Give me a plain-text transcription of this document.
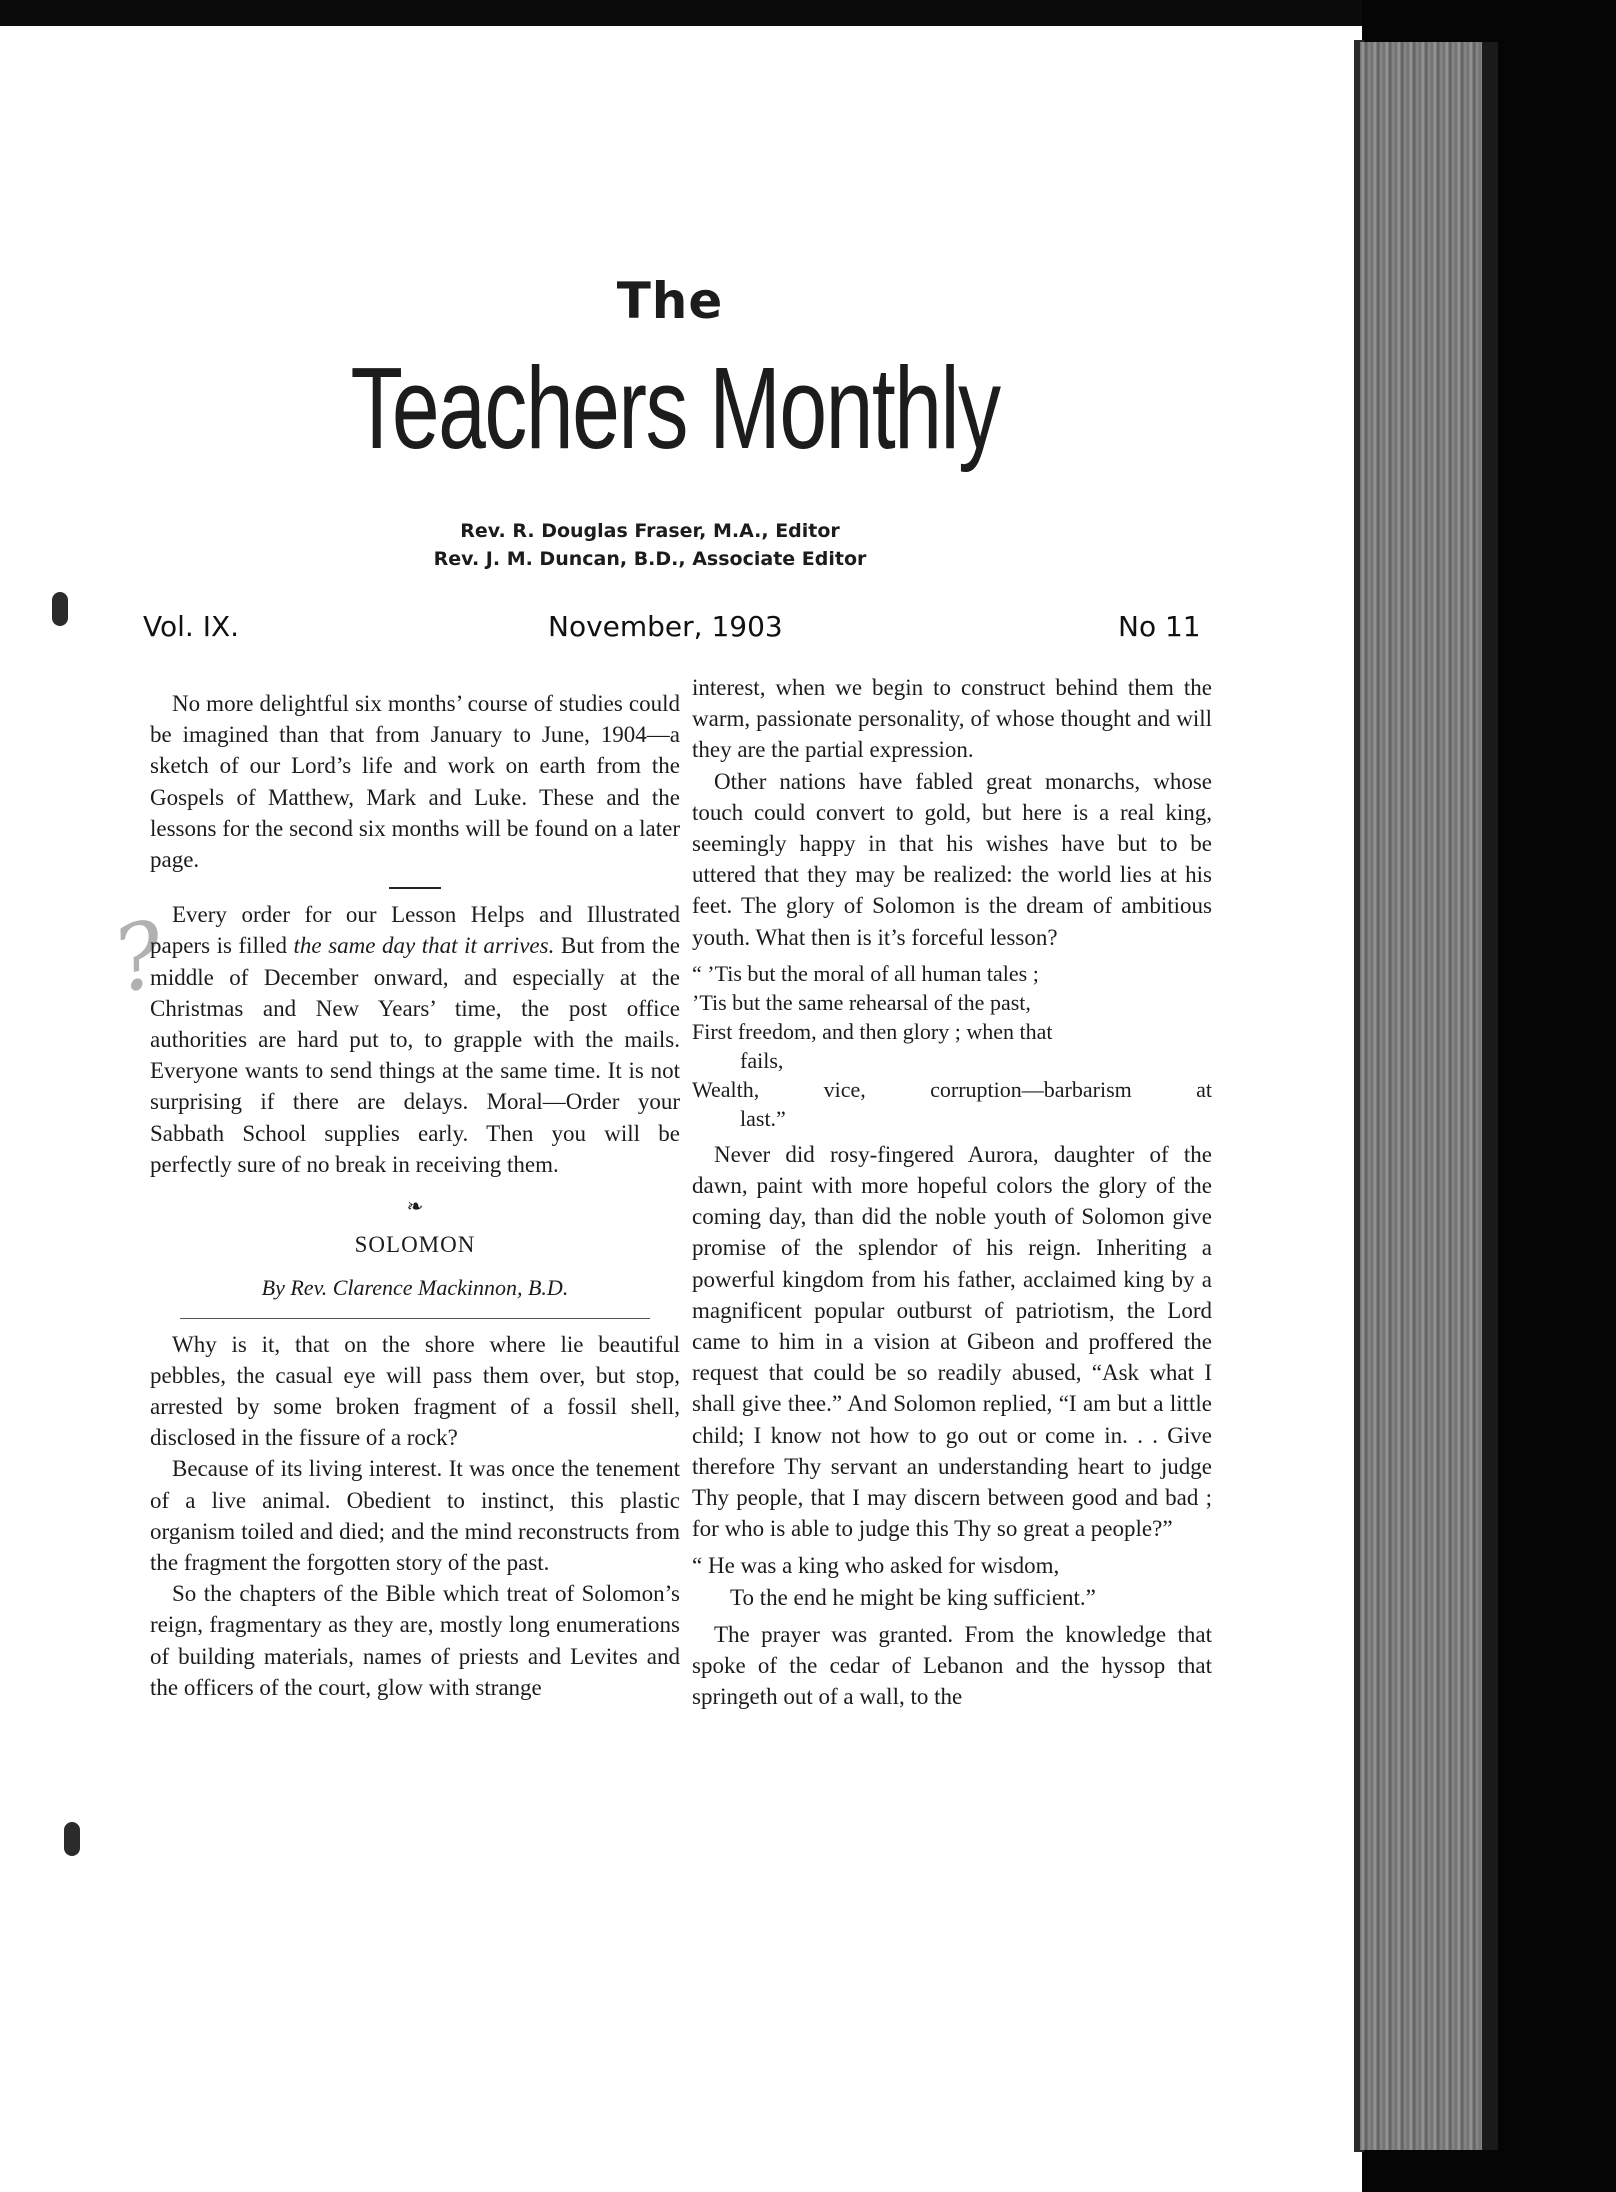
The
Teachers Monthly
Rev. R. Douglas Fraser, M.A., Editor
Rev. J. M. Duncan, B.D., Associate Editor
Vol. IX.	November, 1903	No 11
?

No more delightful six months’ course of studies could be imagined than that from January to June, 1904—a sketch of our Lord’s life and work on earth from the Gospels of Matthew, Mark and Luke. These and the lessons for the second six months will be found on a later page.

Every order for our Lesson Helps and Illustrated papers is filled the same day that it arrives. But from the middle of December onward, and especially at the Christmas and New Years’ time, the post office authorities are hard put to, to grapple with the mails. Everyone wants to send things at the same time. It is not surprising if there are delays. Moral—Order your Sabbath School supplies early. Then you will be perfectly sure of no break in receiving them.

❧
SOLOMON
By Rev. Clarence Mackinnon, B.D.

Why is it, that on the shore where lie beautiful pebbles, the casual eye will pass them over, but stop, arrested by some broken fragment of a fossil shell, disclosed in the fissure of a rock?

Because of its living interest. It was once the tenement of a live animal. Obedient to instinct, this plastic organism toiled and died; and the mind reconstructs from the fragment the forgotten story of the past.

So the chapters of the Bible which treat of Solomon’s reign, fragmentary as they are, mostly long enumerations of building materials, names of priests and Levites and the officers of the court, glow with strange

interest, when we begin to construct behind them the warm, passionate personality, of whose thought and will they are the partial expression.

Other nations have fabled great monarchs, whose touch could convert to gold, but here is a real king, seemingly happy in that his wishes have but to be uttered that they may be realized: the world lies at his feet. The glory of Solomon is the dream of ambitious youth. What then is it’s forceful lesson?

“ ’Tis but the moral of all human tales ;
’Tis but the same rehearsal of the past,
First freedom, and then glory ; when that
fails,
Wealth, vice, corruption—barbarism at
last.”

Never did rosy-fingered Aurora, daughter of the dawn, paint with more hopeful colors the glory of the coming day, than did the noble youth of Solomon give promise of the splendor of his reign. Inheriting a powerful kingdom from his father, acclaimed king by a magnificent popular outburst of patriotism, the Lord came to him in a vision at Gibeon and proffered the request that could be so readily abused, “Ask what I shall give thee.” And Solomon replied, “I am but a little child; I know not how to go out or come in. . . Give therefore Thy servant an understanding heart to judge Thy people, that I may discern between good and bad ; for who is able to judge this Thy so great a people?”

“ He was a king who asked for wisdom,
To the end he might be king sufficient.”

The prayer was granted. From the knowledge that spoke of the cedar of Lebanon and the hyssop that springeth out of a wall, to the
